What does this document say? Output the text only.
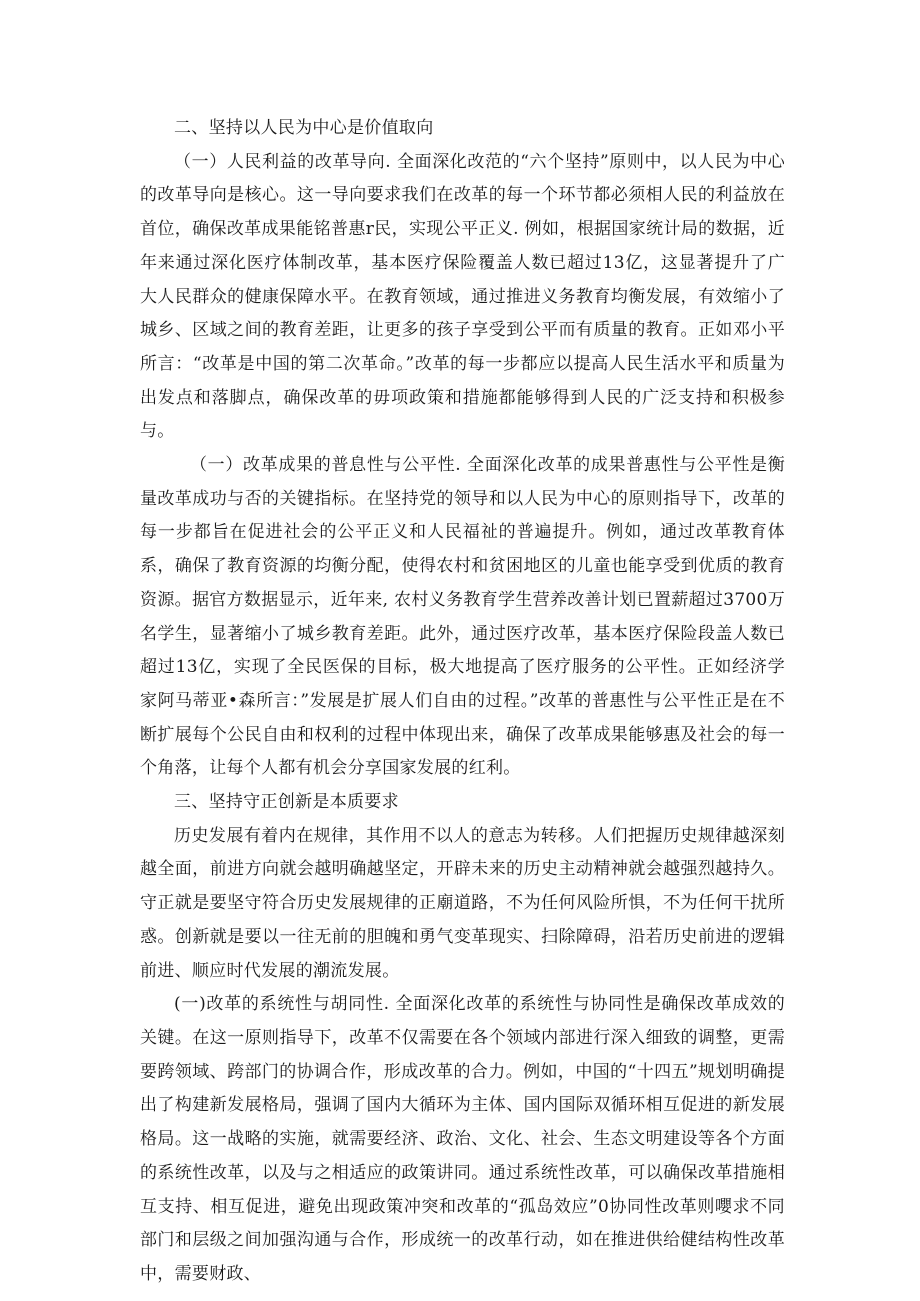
二、坚持以人民为中心是价值取向

（一）人民利益的改革导向. 全面深化改范的“六个坚持”原则中，以人民为中心的改革导向是核心。这一导向要求我们在改革的每一个环节都必须相人民的利益放在首位，确保改革成果能铭普惠r民，实现公平正义. 例如，根据国家统计局的数据，近年来通过深化医疗体制改革，基本医疗保险覆盖人数已超过13亿，这显著提升了广大人民群众的健康保障水平。在教育领域，通过推进义务教育均衡发展，有效缩小了城乡、区域之间的教育差距，让更多的孩子享受到公平而有质量的教育。正如邓小平所言：“改革是中国的第二次革命。”改革的每一步都应以提高人民生活水平和质量为出发点和落脚点，确保改革的毋项政策和措施都能够得到人民的广泛支持和积极参与。

（一）改革成果的普息性与公平性. 全面深化改革的成果普惠性与公平性是衡量改革成功与否的关键指标。在坚持党的领导和以人民为中心的原则指导下，改革的每一步都旨在促进社会的公平正义和人民福祉的普遍提升。例如，通过改革教育体系，确保了教育资源的均衡分配，使得农村和贫困地区的儿童也能享受到优质的教育资源。据官方数据显示，近年来, 农村义务教育学生营养改善计划已置薪超过3700万名学生，显著缩小了城乡教育差距。此外，通过医疗改革，基本医疗保险段盖人数已超过13亿，实现了全民医保的目标，极大地提高了医疗服务的公平性。正如经济学家阿马蒂亚•森所言：”发展是扩展人们自由的过程。”改革的普惠性与公平性正是在不断扩展每个公民自由和权利的过程中体现出来，确保了改革成果能够惠及社会的每一个角落，让每个人都有机会分享国家发展的红利。

三、坚持守正创新是本质要求

历史发展有着内在规律，其作用不以人的意志为转移。人们把握历史规律越深刻越全面，前进方向就会越明确越坚定，开辟未来的历史主动精神就会越强烈越持久。守正就是要坚守符合历史发展规律的正廟道路，不为任何风险所惧，不为任何干扰所惑。创新就是要以一往无前的胆魄和勇气变革现实、扫除障碍，沿若历史前进的逻辑前进、顺应时代发展的潮流发展。

(一)改革的系统性与胡同性. 全面深化改革的系统性与协同性是确保改革成效的关键。在这一原则指导下，改革不仅需要在各个领域内部进行深入细致的调整，更需要跨领域、跨部门的协调合作，形成改革的合力。例如，中国的“十四五”规划明确提出了构建新发展格局，强调了国内大循环为主体、国内国际双循环相互促进的新发展格局。这一战略的实施，就需要经济、政治、文化、社会、生态文明建设等各个方面的系统性改革，以及与之相适应的政策讲同。通过系统性改革，可以确保改革措施相互支持、相互促进，避免出现政策冲突和改革的“孤岛效应”0协同性改革则嚶求不同部门和层级之间加强沟通与合作，形成统一的改革行动，如在推进供给健结构性改革中，需要财政、
